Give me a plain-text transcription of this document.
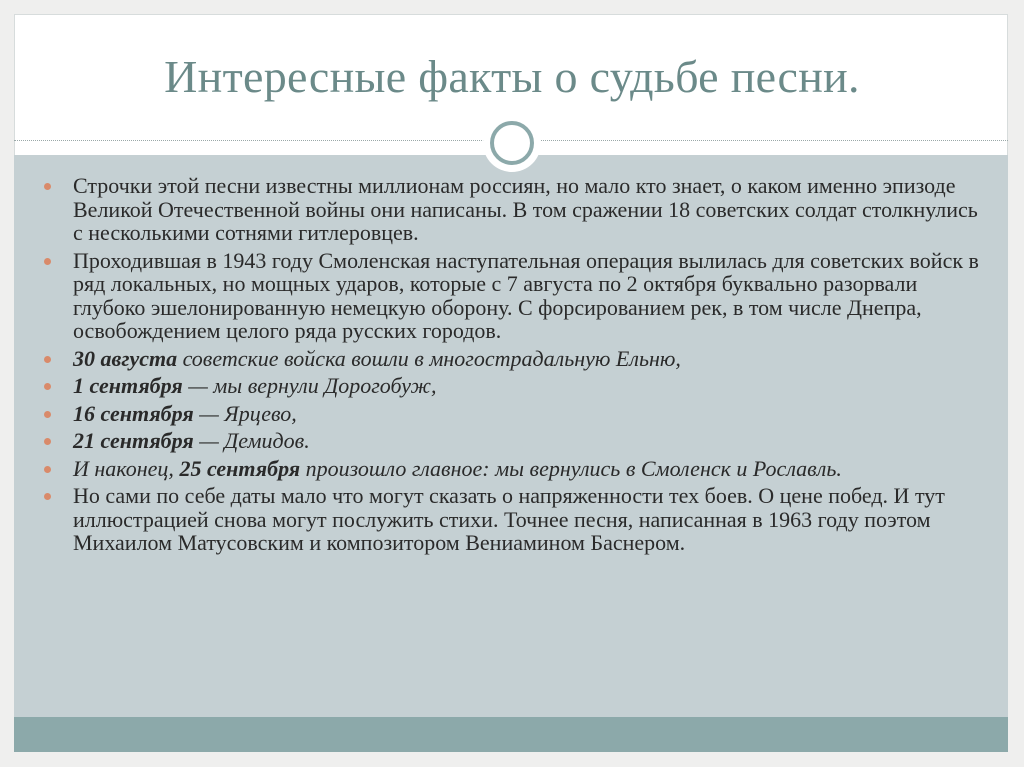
Интересные факты о судьбе песни.
Строчки этой песни известны миллионам россиян, но мало кто знает, о каком именно эпизоде Великой Отечественной войны они написаны. В том сражении 18 советских солдат столкнулись с несколькими сотнями гитлеровцев.
Проходившая в 1943 году Смоленская наступательная операция вылилась для советских войск в ряд локальных, но мощных ударов, которые с 7 августа по 2 октября буквально разорвали глубоко эшелонированную немецкую оборону. С форсированием рек, в том числе Днепра, освобождением целого ряда русских городов.
30 августа советские войска вошли в многострадальную Ельню,
1 сентября — мы вернули Дорогобуж,
16 сентября — Ярцево,
21 сентября — Демидов.
И наконец, 25 сентября произошло главное: мы вернулись в Смоленск и Рославль.
Но сами по себе даты мало что могут сказать о напряженности тех боев. О цене побед. И тут иллюстрацией снова могут послужить стихи. Точнее песня, написанная в 1963 году поэтом Михаилом Матусовским и композитором Вениамином Баснером.
